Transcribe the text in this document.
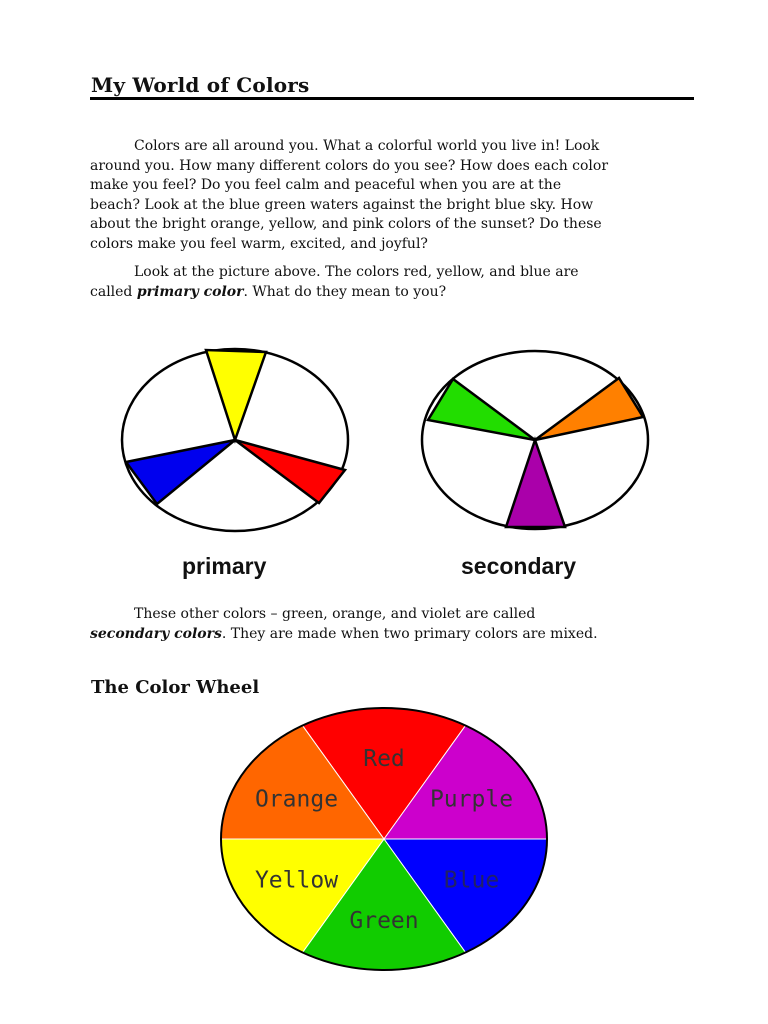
My World of Colors

Colors are all around you. What a colorful world you live in! Look
around you. How many different colors do you see? How does each color
make you feel? Do you feel calm and peaceful when you are at the
beach? Look at the blue green waters against the bright blue sky. How
about the bright orange, yellow, and pink colors of the sunset? Do these
colors make you feel warm, excited, and joyful?

Look at the picture above. The colors red, yellow, and blue are
called primary color. What do they mean to you?

primary	secondary

These other colors – green, orange, and violet are called
secondary colors. They are made when two primary colors are mixed.

The Color Wheel
Red
Purple
Blue
Green
Yellow
Orange
